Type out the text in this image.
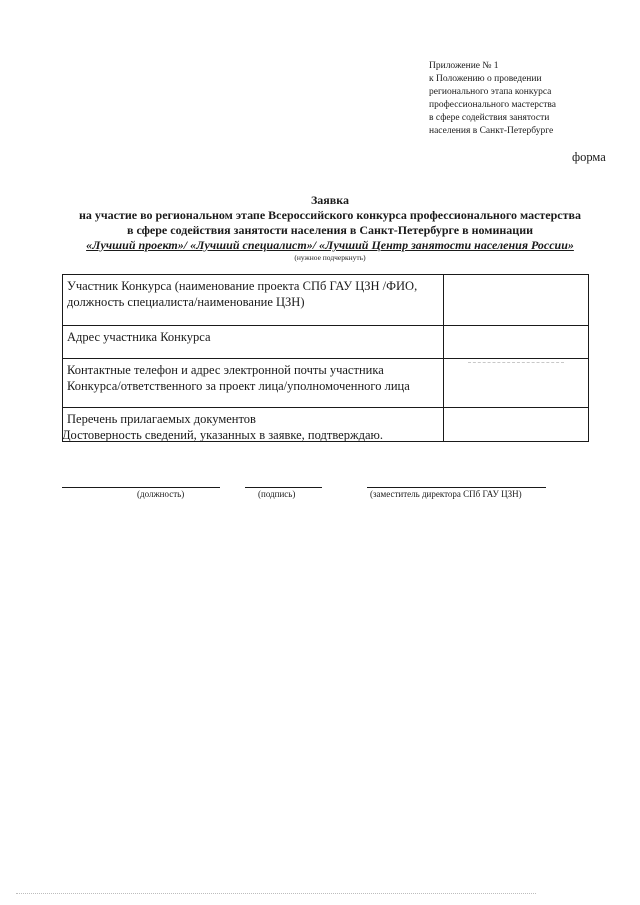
Приложение № 1
к Положению о проведении
регионального этапа конкурса
профессионального мастерства
в сфере содействия занятости
населения в Санкт-Петербурге
форма
Заявка
на участие во региональном этапе Всероссийского конкурса профессионального мастерства
в сфере содействия занятости населения в Санкт-Петербурге в номинации
«Лучший проект»/ «Лучший специалист»/ «Лучший Центр занятости населения России»
(нужное подчеркнуть)
Участник Конкурса (наименование проекта СПб ГАУ ЦЗН /ФИО, должность специалиста/наименование ЦЗН)	
Адрес участника Конкурса	
Контактные телефон и адрес электронной почты участника Конкурса/ответственного за проект лица/уполномоченного лица	

Перечень прилагаемых документов	
Достоверность сведений, указанных в заявке, подтверждаю.
(должность)	(подпись)	(заместитель директора СПб ГАУ ЦЗН)
